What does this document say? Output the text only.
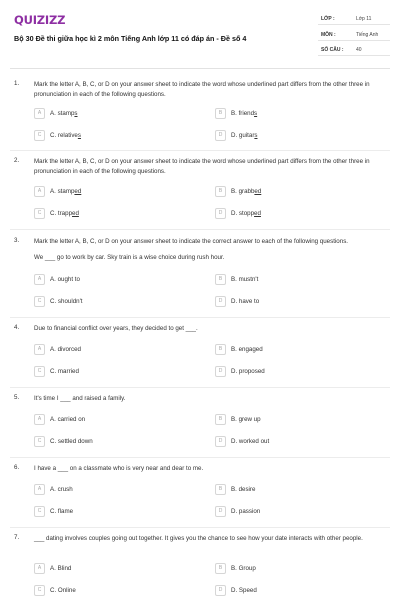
QUIZIZZ
Bộ 30 Đề thi giữa học kì 2 môn Tiếng Anh lớp 11 có đáp án - Đề số 4
LỚP :	Lớp 11
MÔN :	Tiếng Anh
SỐ CÂU :	40
1. Mark the letter A, B, C, or D on your answer sheet to indicate the word whose underlined part differs from the other three in pronunciation in each of the following questions.
A	A. stamps	B	B. friends
C	C. relatives	D	D. guitars
2. Mark the letter A, B, C, or D on your answer sheet to indicate the word whose underlined part differs from the other three in pronunciation in each of the following questions.
A	A. stamped	B	B. grabbed
C	C. trapped	D	D. stopped
3. Mark the letter A, B, C, or D on your answer sheet to indicate the correct answer to each of the following questions.
We ___ go to work by car. Sky train is a wise choice during rush hour.
A	A. ought to	B	B. mustn't
C	C. shouldn't	D	D. have to
4. Due to financial conflict over years, they decided to get ___.
A	A. divorced	B	B. engaged
C	C. married	D	D. proposed
5. It's time I ___ and raised a family.
A	A. carried on	B	B. grew up
C	C. settled down	D	D. worked out
6. I have a ___ on a classmate who is very near and dear to me.
A	A. crush	B	B. desire
C	C. flame	D	D. passion
7. ___ dating involves couples going out together. It gives you the chance to see how your date interacts with other people.
A	A. Blind	B	B. Group
C	C. Online	D	D. Speed
